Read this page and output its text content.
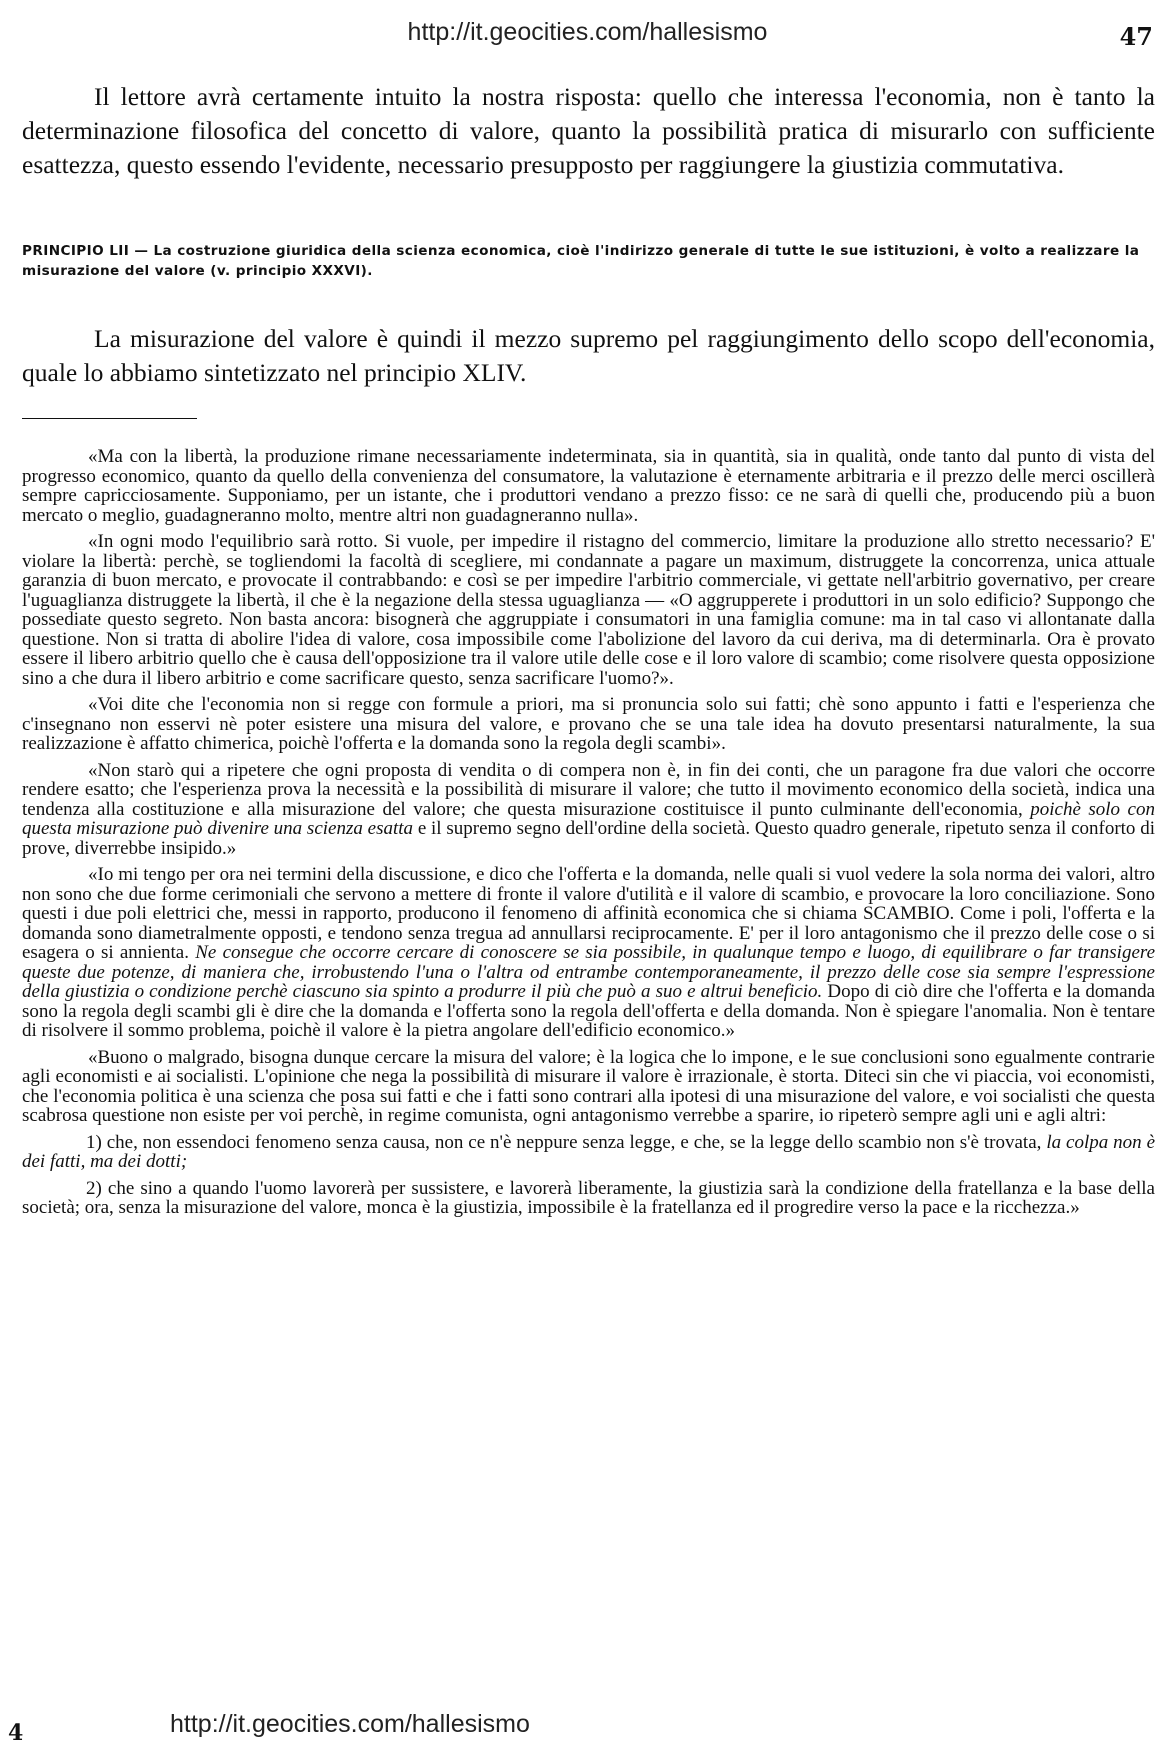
http://it.geocities.com/hallesismo	47
Il lettore avrà certamente intuito la nostra risposta: quello che interessa l'economia, non è tanto la determinazione filosofica del concetto di valore, quanto la possibilità pratica di misurarlo con sufficiente esattezza, questo essendo l'evidente, necessario presupposto per raggiungere la giustizia commutativa.
PRINCIPIO LII — La costruzione giuridica della scienza economica, cioè l'indirizzo generale di tutte le sue istituzioni, è volto a realizzare la misurazione del valore (v. principio XXXVI).
La misurazione del valore è quindi il mezzo supremo pel raggiungimento dello scopo dell'economia, quale lo abbiamo sintetizzato nel principio XLIV.

«Ma con la libertà, la produzione rimane necessariamente indeterminata, sia in quantità, sia in qualità, onde tanto dal punto di vista del progresso economico, quanto da quello della convenienza del consumatore, la valutazione è eternamente arbitraria e il prezzo delle merci oscillerà sempre capricciosamente. Supponiamo, per un istante, che i produttori vendano a prezzo fisso: ce ne sarà di quelli che, producendo più a buon mercato o meglio, guadagneranno molto, mentre altri non guadagneranno nulla».

«In ogni modo l'equilibrio sarà rotto. Si vuole, per impedire il ristagno del commercio, limitare la produzione allo stretto necessario? E' violare la libertà: perchè, se togliendomi la facoltà di scegliere, mi condannate a pagare un maximum, distruggete la concorrenza, unica attuale garanzia di buon mercato, e provocate il contrabbando: e così se per impedire l'arbitrio commerciale, vi gettate nell'arbitrio governativo, per creare l'uguaglianza distruggete la libertà, il che è la negazione della stessa uguaglianza — «O aggrupperete i produttori in un solo edificio? Suppongo che possediate questo segreto. Non basta ancora: bisognerà che aggruppiate i consumatori in una famiglia comune: ma in tal caso vi allontanate dalla questione. Non si tratta di abolire l'idea di valore, cosa impossibile come l'abolizione del lavoro da cui deriva, ma di determinarla. Ora è provato essere il libero arbitrio quello che è causa dell'opposizione tra il valore utile delle cose e il loro valore di scambio; come risolvere questa opposizione sino a che dura il libero arbitrio e come sacrificare questo, senza sacrificare l'uomo?».

«Voi dite che l'economia non si regge con formule a priori, ma si pronuncia solo sui fatti; chè sono appunto i fatti e l'esperienza che c'insegnano non esservi nè poter esistere una misura del valore, e provano che se una tale idea ha dovuto presentarsi naturalmente, la sua realizzazione è affatto chimerica, poichè l'offerta e la domanda sono la regola degli scambi».

«Non starò qui a ripetere che ogni proposta di vendita o di compera non è, in fin dei conti, che un paragone fra due valori che occorre rendere esatto; che l'esperienza prova la necessità e la possibilità di misurare il valore; che tutto il movimento economico della società, indica una tendenza alla costituzione e alla misurazione del valore; che questa misurazione costituisce il punto culminante dell'economia, poichè solo con questa misurazione può divenire una scienza esatta e il supremo segno dell'ordine della società. Questo quadro generale, ripetuto senza il conforto di prove, diverrebbe insipido.»

«Io mi tengo per ora nei termini della discussione, e dico che l'offerta e la domanda, nelle quali si vuol vedere la sola norma dei valori, altro non sono che due forme cerimoniali che servono a mettere di fronte il valore d'utilità e il valore di scambio, e provocare la loro conciliazione. Sono questi i due poli elettrici che, messi in rapporto, producono il fenomeno di affinità economica che si chiama SCAMBIO. Come i poli, l'offerta e la domanda sono diametralmente opposti, e tendono senza tregua ad annullarsi reciprocamente. E' per il loro antagonismo che il prezzo delle cose o si esagera o si annienta. Ne consegue che occorre cercare di conoscere se sia possibile, in qualunque tempo e luogo, di equilibrare o far transigere queste due potenze, di maniera che, irrobustendo l'una o l'altra od entrambe contemporaneamente, il prezzo delle cose sia sempre l'espressione della giustizia o condizione perchè ciascuno sia spinto a produrre il più che può a suo e altrui beneficio. Dopo di ciò dire che l'offerta e la domanda sono la regola degli scambi gli è dire che la domanda e l'offerta sono la regola dell'offerta e della domanda. Non è spiegare l'anomalia. Non è tentare di risolvere il sommo problema, poichè il valore è la pietra angolare dell'edificio economico.»

«Buono o malgrado, bisogna dunque cercare la misura del valore; è la logica che lo impone, e le sue conclusioni sono egualmente contrarie agli economisti e ai socialisti. L'opinione che nega la possibilità di misurare il valore è irrazionale, è storta. Diteci sin che vi piaccia, voi economisti, che l'economia politica è una scienza che posa sui fatti e che i fatti sono contrari alla ipotesi di una misurazione del valore, e voi socialisti che questa scabrosa questione non esiste per voi perchè, in regime comunista, ogni antagonismo verrebbe a sparire, io ripeterò sempre agli uni e agli altri:

1) che, non essendoci fenomeno senza causa, non ce n'è neppure senza legge, e che, se la legge dello scambio non s'è trovata, la colpa non è dei fatti, ma dei dotti;

2) che sino a quando l'uomo lavorerà per sussistere, e lavorerà liberamente, la giustizia sarà la condizione della fratellanza e la base della società; ora, senza la misurazione del valore, monca è la giustizia, impossibile è la fratellanza ed il progredire verso la pace e la ricchezza.»

4	http://it.geocities.com/hallesismo
